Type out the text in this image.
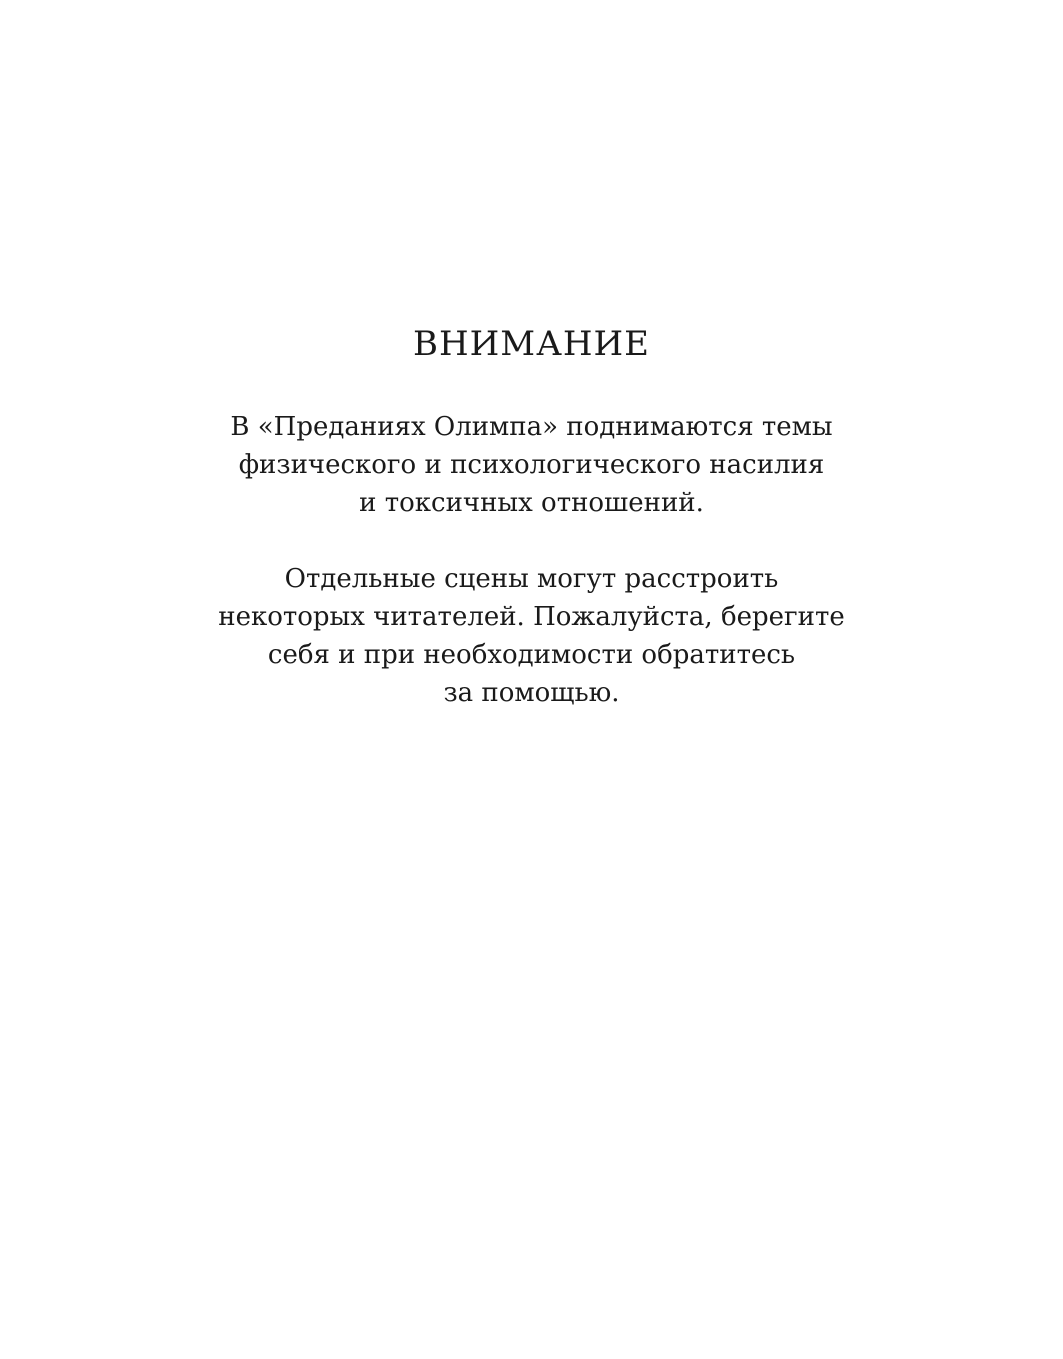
ВНИМАНИЕ

В «Преданиях Олимпа» поднимаются темы
физического и психологического насилия
и токсичных отношений.

Отдельные сцены могут расстроить
некоторых читателей. Пожалуйста, берегите
себя и при необходимости обратитесь
за помощью.
